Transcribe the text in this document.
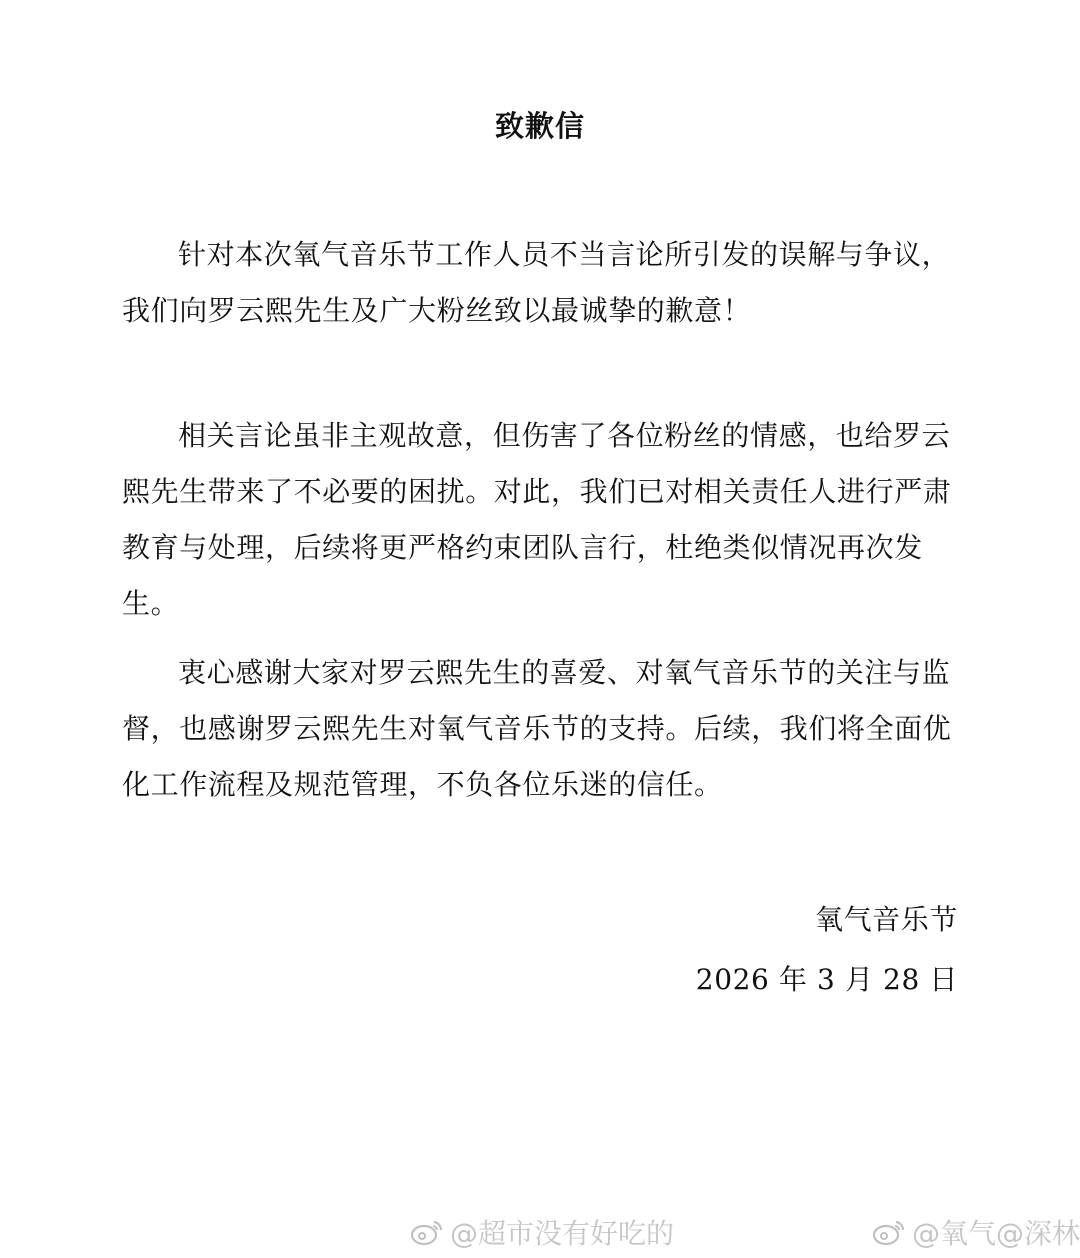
致歉信
针对本次氧气音乐节工作人员不当言论所引发的误解与争议，我们向罗云熙先生及广大粉丝致以最诚挚的歉意！
相关言论虽非主观故意，但伤害了各位粉丝的情感，也给罗云熙先生带来了不必要的困扰。对此，我们已对相关责任人进行严肃教育与处理，后续将更严格约束团队言行，杜绝类似情况再次发生。
衷心感谢大家对罗云熙先生的喜爱、对氧气音乐节的关注与监督，也感谢罗云熙先生对氧气音乐节的支持。后续，我们将全面优化工作流程及规范管理，不负各位乐迷的信任。
氧气音乐节
2026 年 3 月 28 日
@超市没有好吃的	@氧气@深林
